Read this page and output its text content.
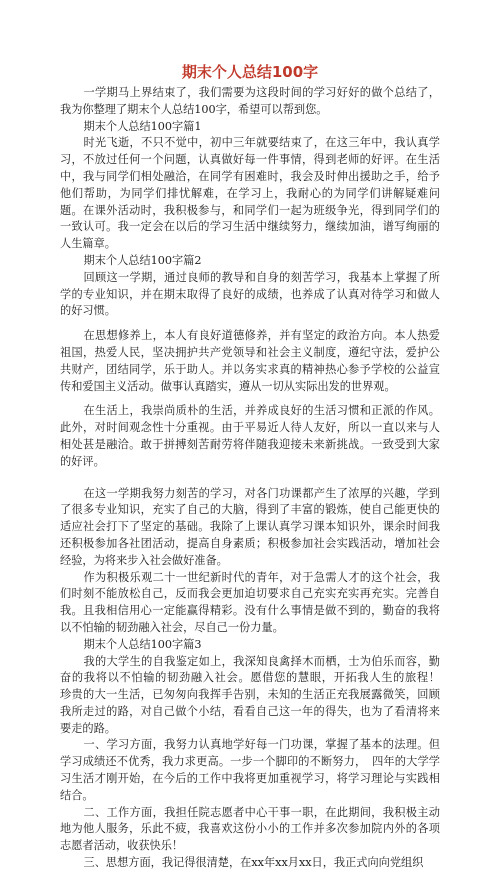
期末个人总结100字

一学期马上界结束了，我们需要为这段时间的学习好好的做个总结了，我为你整理了期末个人总结100字，希望可以帮到您。

期末个人总结100字篇1

时光飞逝，不只不觉中，初中三年就要结束了，在这三年中，我认真学习，不放过任何一个问题，认真做好每一件事情，得到老师的好评。在生活中，我与同学们相处融洽，在同学有困难时，我会及时伸出援助之手，给予他们帮助，为同学们排忧解难，在学习上，我耐心的为同学们讲解疑难问题。在课外活动时，我积极参与，和同学们一起为班级争光，得到同学们的一致认可。我一定会在以后的学习生活中继续努力，继续加油，谱写绚丽的人生篇章。

期末个人总结100字篇2

回顾这一学期，通过良师的教导和自身的刻苦学习，我基本上掌握了所学的专业知识，并在期末取得了良好的成绩，也养成了认真对待学习和做人的好习惯。

在思想修养上，本人有良好道德修养，并有坚定的政治方向。本人热爱祖国，热爱人民，坚决拥护共产党领导和社会主义制度，遵纪守法，爱护公共财产，团结同学，乐于助人。并以务实求真的精神热心参予学校的公益宣传和爱国主义活动。做事认真踏实，遵从一切从实际出发的世界观。

在生活上，我崇尚质朴的生活，并养成良好的生活习惯和正派的作风。此外，对时间观念性十分重视。由于平易近人待人友好，所以一直以来与人相处甚是融洽。敢于拼搏刻苦耐劳将伴随我迎接未来新挑战。一致受到大家的好评。

在这一学期我努力刻苦的学习，对各门功课都产生了浓厚的兴趣，学到了很多专业知识，充实了自己的大脑，得到了丰富的锻炼，使自己能更快的适应社会打下了坚定的基础。我除了上课认真学习课本知识外，课余时间我还积极参加各社团活动，提高自身素质；积极参加社会实践活动，增加社会经验，为将来步入社会做好准备。

作为积极乐观二十一世纪新时代的青年，对于急需人才的这个社会，我们时刻不能放松自己，反而我会更加迫切要求自己充实充实再充实。完善自我。且我相信用心一定能赢得精彩。没有什么事情是做不到的，勤奋的我将以不怕输的韧劲融入社会，尽自己一份力量。

期末个人总结100字篇3

我的大学生的自我鉴定如上，我深知良禽择木而栖，士为伯乐而容，勤奋的我将以不怕输的韧劲融入社会。愿借您的慧眼，开拓我人生的旅程！　珍贵的大一生活，已匆匆向我挥手告别，未知的生活正充我展露微笑，回顾我所走过的路，对自己做个小结，看看自己这一年的得失，也为了看清将来要走的路。

一、学习方面，我努力认真地学好每一门功课，掌握了基本的法理。但学习成绩还不优秀，我力求更高。一步一个脚印的不断努力，　四年的大学学习生活才刚开始，在今后的工作中我将更加重视学习，将学习理论与实践相结合。

二、工作方面，我担任院志愿者中心干事一职，在此期间，我积极主动地为他人服务，乐此不疲，我喜欢这份小小的工作并多次参加院内外的各项志愿者活动，收获快乐！

三、思想方面，我记得很清楚，在xx年xx月xx日，我正式向向党组织
